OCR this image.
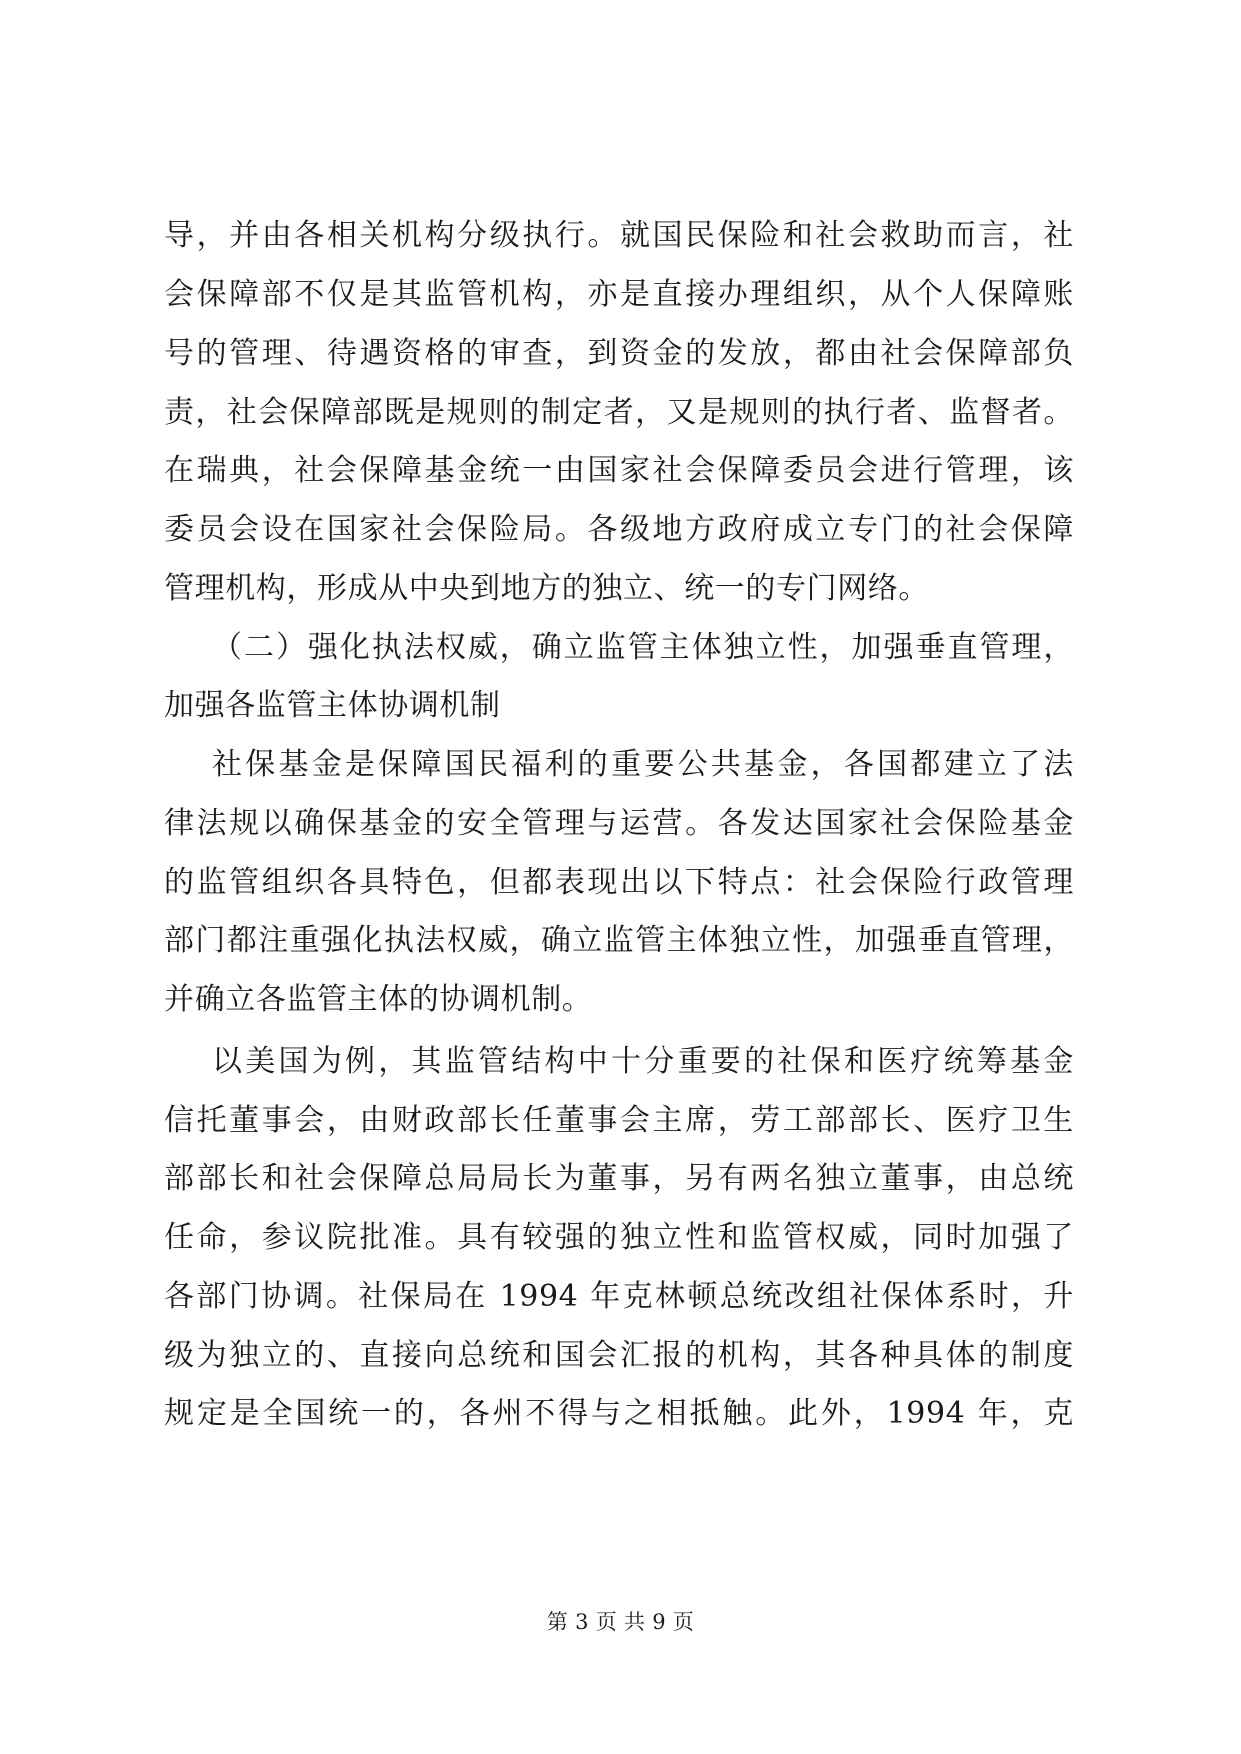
导，并由各相关机构分级执行。就国民保险和社会救助而言，社
会保障部不仅是其监管机构，亦是直接办理组织，从个人保障账
号的管理、待遇资格的审查，到资金的发放，都由社会保障部负
责，社会保障部既是规则的制定者，又是规则的执行者、监督者。
在瑞典，社会保障基金统一由国家社会保障委员会进行管理，该
委员会设在国家社会保险局。各级地方政府成立专门的社会保障
管理机构，形成从中央到地方的独立、统一的专门网络。
（二）强化执法权威，确立监管主体独立性，加强垂直管理，
加强各监管主体协调机制
社保基金是保障国民福利的重要公共基金，各国都建立了法
律法规以确保基金的安全管理与运营。各发达国家社会保险基金
的监管组织各具特色，但都表现出以下特点：社会保险行政管理
部门都注重强化执法权威，确立监管主体独立性，加强垂直管理，
并确立各监管主体的协调机制。
以美国为例，其监管结构中十分重要的社保和医疗统筹基金
信托董事会，由财政部长任董事会主席，劳工部部长、医疗卫生
部部长和社会保障总局局长为董事，另有两名独立董事，由总统
任命，参议院批准。具有较强的独立性和监管权威，同时加强了
各部门协调。社保局在 1994 年克林顿总统改组社保体系时，升
级为独立的、直接向总统和国会汇报的机构，其各种具体的制度
规定是全国统一的，各州不得与之相抵触。此外，1994 年，克
第 3 页 共 9 页
